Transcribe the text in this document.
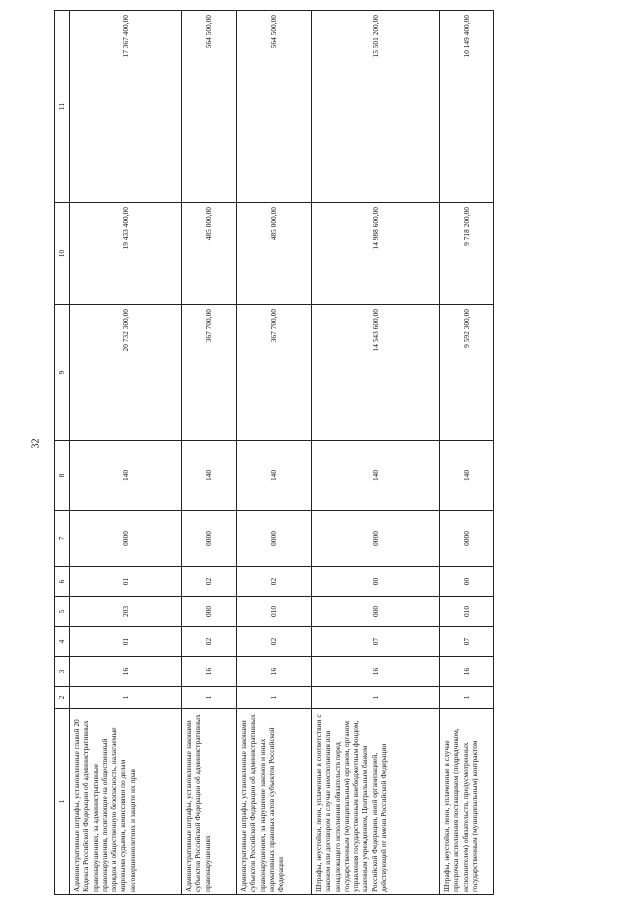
32
1	2	3	4	5	6	7	8	9	10	11
Административные штрафы, установленные главой 20 Кодекса Российской Федерации об административных правонарушениях, за административные правонарушения, посягающие на общественный порядок и общественную безопасность, налагаемые мировыми судьями, комиссиями по делам несовершеннолетних и защите их прав	1	16	01	203	01	0000	140	20 732 300,00	19 433 400,00	17 367 400,00
Административные штрафы, установленные законами субъектов Российской Федерации об административных правонарушениях	1	16	02	000	02	0000	140	367 700,00	485 000,00	564 500,00
Административные штрафы, установленные законами субъектов Российской Федерации об административных правонарушениях, за нарушение законов и иных нормативных правовых актов субъектов Российской Федерации	1	16	02	010	02	0000	140	367 700,00	485 000,00	564 500,00
Штрафы, неустойки, пени, уплаченные в соответствии с законом или договором в случае неисполнения или ненадлежащего исполнения обязательств перед государственным (муниципальным) органом, органом управления государственным внебюджетным фондом, казенным учреждением, Центральным банком Российской Федерации, иной организацией, действующей от имени Российской Федерации	1	16	07	000	00	0000	140	14 543 600,00	14 988 600,00	15 501 200,00
Штрафы, неустойки, пени, уплаченные в случае просрочки исполнения поставщиком (подрядчиком, исполнителем) обязательств, предусмотренных государственным (муниципальным) контрактом	1	16	07	010	00	0000	140	9 592 300,00	9 718 200,00	10 149 400,00
